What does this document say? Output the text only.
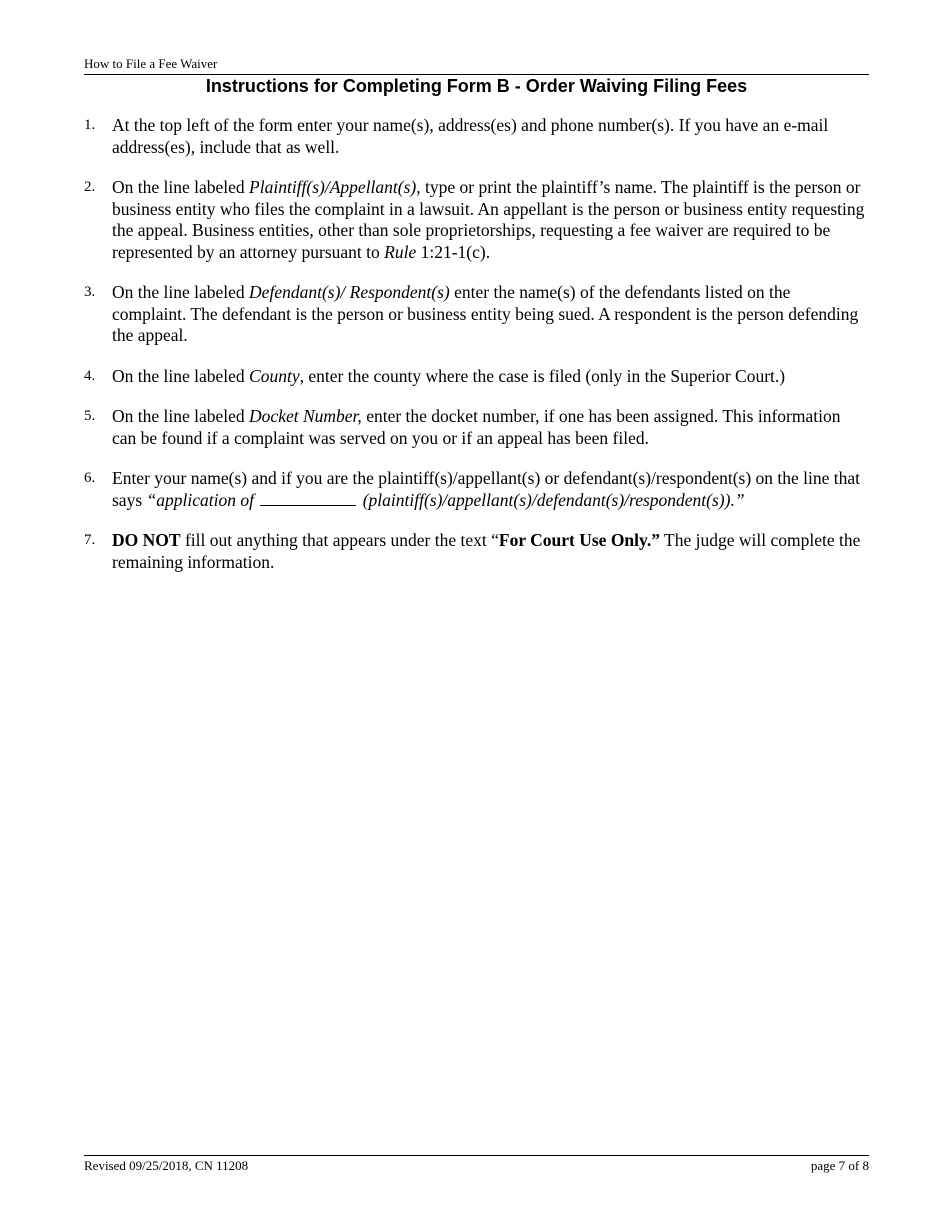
How to File a Fee Waiver
Instructions for Completing Form B - Order Waiving Filing Fees
1. At the top left of the form enter your name(s), address(es) and phone number(s). If you have an e-mail address(es), include that as well.
2. On the line labeled Plaintiff(s)/Appellant(s), type or print the plaintiff’s name. The plaintiff is the person or business entity who files the complaint in a lawsuit. An appellant is the person or business entity requesting the appeal. Business entities, other than sole proprietorships, requesting a fee waiver are required to be represented by an attorney pursuant to Rule 1:21-1(c).
3. On the line labeled Defendant(s)/ Respondent(s) enter the name(s) of the defendants listed on the complaint. The defendant is the person or business entity being sued. A respondent is the person defending the appeal.
4. On the line labeled County, enter the county where the case is filed (only in the Superior Court.)
5. On the line labeled Docket Number, enter the docket number, if one has been assigned. This information can be found if a complaint was served on you or if an appeal has been filed.
6. Enter your name(s) and if you are the plaintiff(s)/appellant(s) or defendant(s)/respondent(s) on the line that says “application of	(plaintiff(s)/appellant(s)/defendant(s)/respondent(s)).”
7. DO NOT fill out anything that appears under the text “For Court Use Only.” The judge will complete the remaining information.
Revised 09/25/2018, CN 11208	page 7 of 8
